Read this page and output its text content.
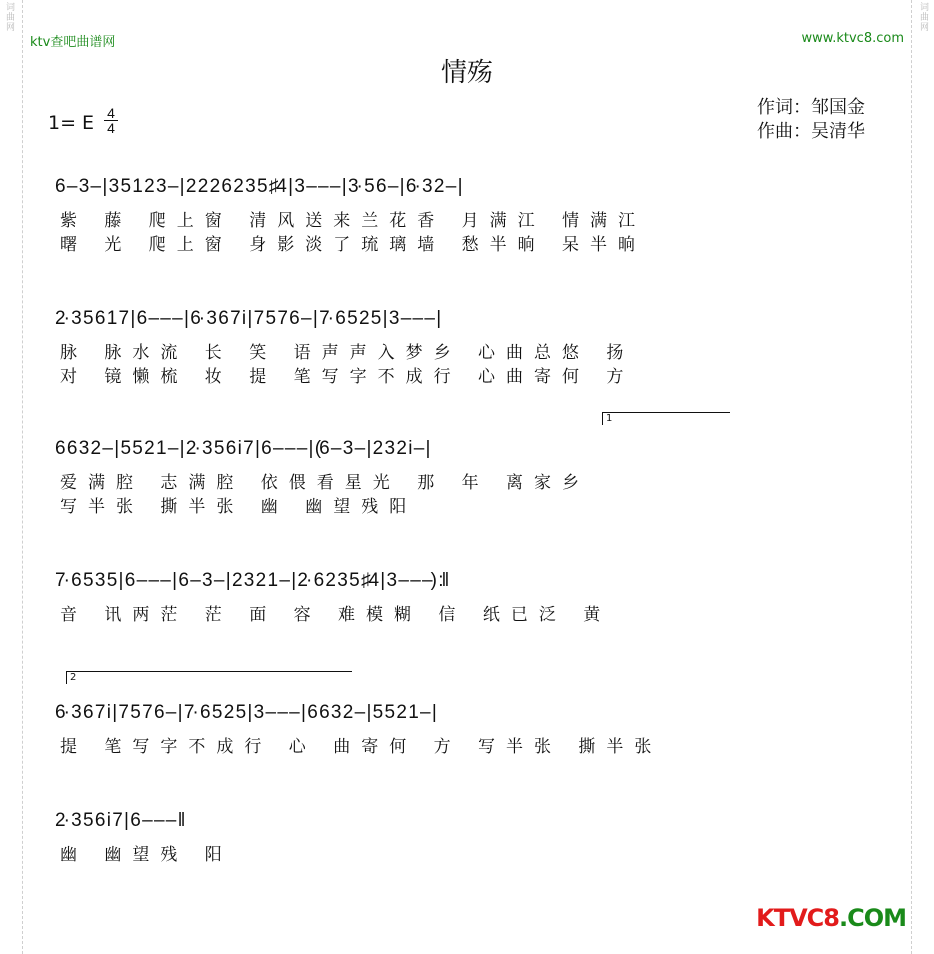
词曲网	词曲网
ktv查吧曲谱网	www.ktvc8.com
情殇
1= E $\frac{4}{4}$	作词：邹国金
作曲：吴清华
6 – 3 – | 3 5 1 2 3 – | 2 2 2 6 2 3 5 ♯4 | 3 – – – | 3· 5 6 – | 6· 3 2 – |
紫 藤 爬上窗 清风送来兰花香 月满江 情满江
曙 光 爬上窗 身影淡了琉璃墙 愁半晌 呆半晌
2· 3 5 6 1 7 | 6 – – – | 6· 3 6 7 i | 7 5 7 6 – | 7· 6 5 2 5 | 3 – – – |
脉 脉水流 长 笑 语声声入梦乡 心曲总悠 扬
对 镜懒梳 妆 提 笔写字不成行 心曲寄何 方
1
6 6 3 2 – | 5 5 2 1 – | 2· 3 5 6 i 7 | 6 – – – | (6 – 3 – | 2 3 2 i – |
爱满腔 志满腔 依偎看星光 那 年 离家乡
写半张 撕半张 幽 幽望残阳
7· 6 5 3 5 | 6 – – – | 6 – 3 – | 2 3 2 1 – | 2· 6 2 3 5 ♯4 | 3 – – –) :‖
音 讯两茫 茫 面 容 难模糊 信 纸已泛 黄
2
6· 3 6 7 i | 7 5 7 6 – | 7· 6 5 2 5 | 3 – – – | 6 6 3 2 – | 5 5 2 1 – |
提 笔写字不成行 心 曲寄何 方 写半张 撕半张
2· 3 5 6 i 7 | 6 – – – ‖
幽 幽望残 阳
KTVC8.COM
